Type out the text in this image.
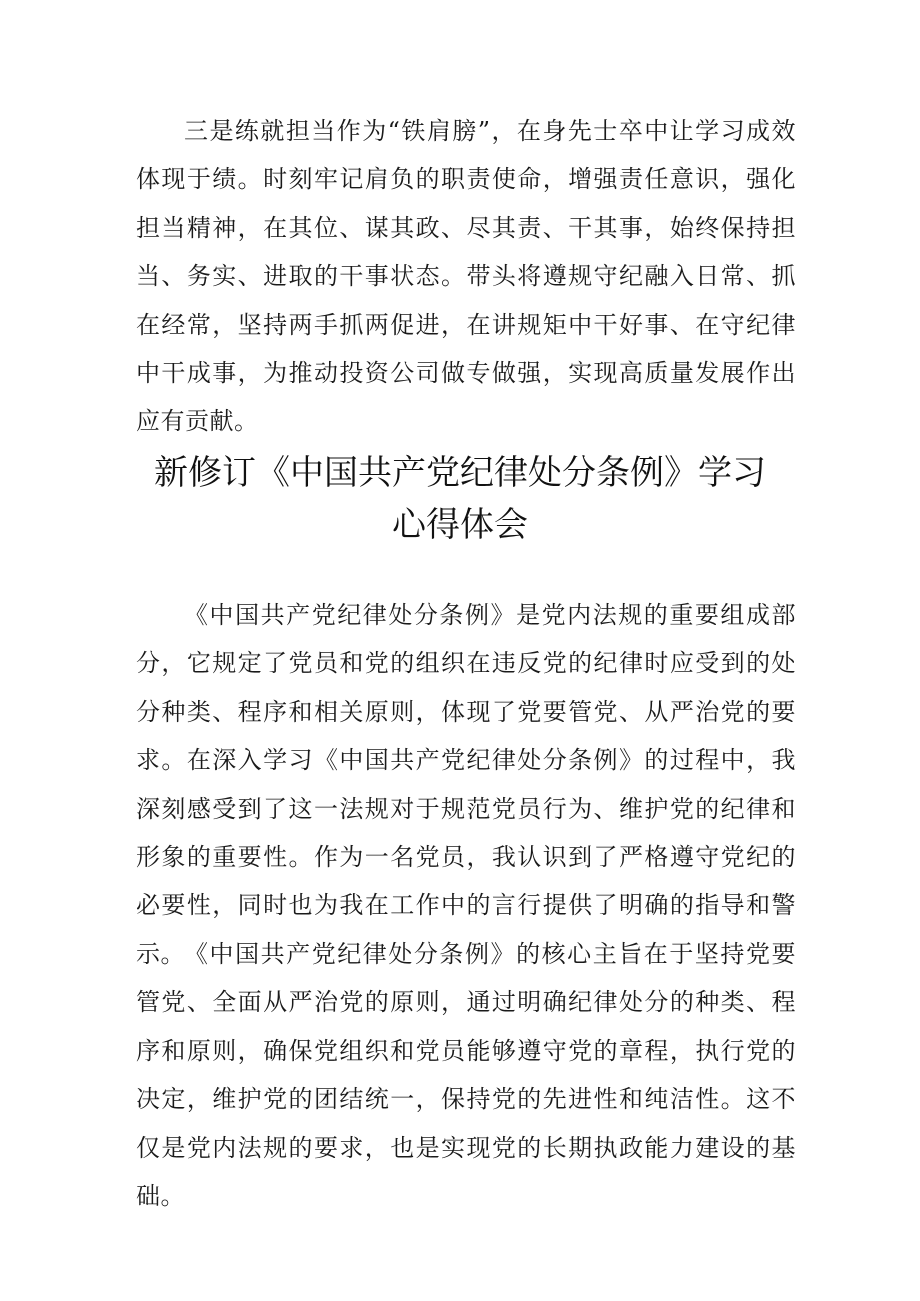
三是练就担当作为“铁肩膀”，在身先士卒中让学习成效体现于绩。时刻牢记肩负的职责使命，增强责任意识，强化担当精神，在其位、谋其政、尽其责、干其事，始终保持担当、务实、进取的干事状态。带头将遵规守纪融入日常、抓在经常，坚持两手抓两促进，在讲规矩中干好事、在守纪律中干成事，为推动投资公司做专做强，实现高质量发展作出应有贡献。

新修订《中国共产党纪律处分条例》学习
心得体会

《中国共产党纪律处分条例》是党内法规的重要组成部分，它规定了党员和党的组织在违反党的纪律时应受到的处分种类、程序和相关原则，体现了党要管党、从严治党的要求。在深入学习《中国共产党纪律处分条例》的过程中，我深刻感受到了这一法规对于规范党员行为、维护党的纪律和形象的重要性。作为一名党员，我认识到了严格遵守党纪的必要性，同时也为我在工作中的言行提供了明确的指导和警示。 《中国共产党纪律处分条例》的核心主旨在于坚持党要管党、全面从严治党的原则，通过明确纪律处分的种类、程序和原则，确保党组织和党员能够遵守党的章程，执行党的决定，维护党的团结统一，保持党的先进性和纯洁性。这不仅是党内法规的要求，也是实现党的长期执政能力建设的基础。
